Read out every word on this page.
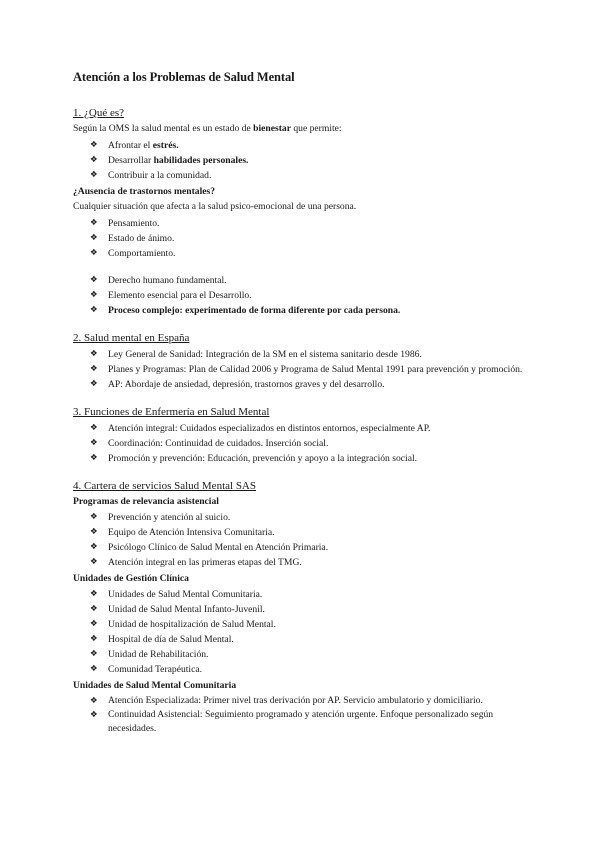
Atención a los Problemas de Salud Mental
1. ¿Qué es?
Según la OMS la salud mental es un estado de bienestar que permite:
❖ Afrontar el estrés.
❖ Desarrollar habilidades personales.
❖ Contribuir a la comunidad.
¿Ausencia de trastornos mentales?
Cualquier situación que afecta a la salud psico-emocional de una persona.
❖ Pensamiento.
❖ Estado de ánimo.
❖ Comportamiento.
❖ Derecho humano fundamental.
❖ Elemento esencial para el Desarrollo.
❖ Proceso complejo: experimentado de forma diferente por cada persona.
2. Salud mental en España
❖ Ley General de Sanidad: Integración de la SM en el sistema sanitario desde 1986.
❖ Planes y Programas: Plan de Calidad 2006 y Programa de Salud Mental 1991 para prevención y promoción.
❖ AP: Abordaje de ansiedad, depresión, trastornos graves y del desarrollo.
3. Funciones de Enfermería en Salud Mental
❖ Atención integral: Cuidados especializados en distintos entornos, especialmente AP.
❖ Coordinación: Continuidad de cuidados. Inserción social.
❖ Promoción y prevención: Educación, prevención y apoyo a la integración social.
4. Cartera de servicios Salud Mental SAS
Programas de relevancia asistencial
❖ Prevención y atención al suicio.
❖ Equipo de Atención Intensiva Comunitaria.
❖ Psicólogo Clínico de Salud Mental en Atención Primaria.
❖ Atención integral en las primeras etapas del TMG.
Unidades de Gestión Clínica
❖ Unidades de Salud Mental Comunitaria.
❖ Unidad de Salud Mental Infanto-Juvenil.
❖ Unidad de hospitalización de Salud Mental.
❖ Hospital de día de Salud Mental.
❖ Unidad de Rehabilitación.
❖ Comunidad Terapéutica.
Unidades de Salud Mental Comunitaria
❖ Atención Especializada: Primer nivel tras derivación por AP. Servicio ambulatorio y domiciliario.
❖ Continuidad Asistencial: Seguimiento programado y atención urgente. Enfoque personalizado según necesidades.
